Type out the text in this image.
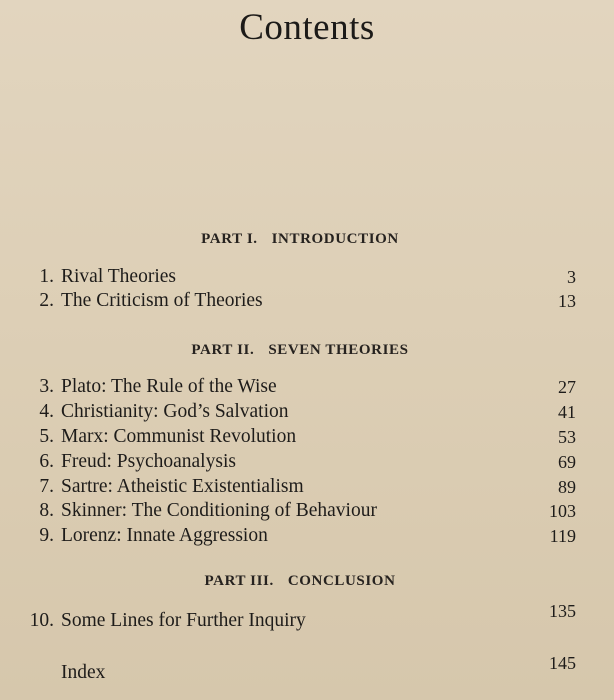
Contents
PART I. INTRODUCTION
1. Rival Theories	3
2. The Criticism of Theories	13
PART II. SEVEN THEORIES
3. Plato: The Rule of the Wise	27
4. Christianity: God’s Salvation	41
5. Marx: Communist Revolution	53
6. Freud: Psychoanalysis	69
7. Sartre: Atheistic Existentialism	89
8. Skinner: The Conditioning of Behaviour	103
9. Lorenz: Innate Aggression	119
PART III. CONCLUSION
10. Some Lines for Further Inquiry	135
Index	145
